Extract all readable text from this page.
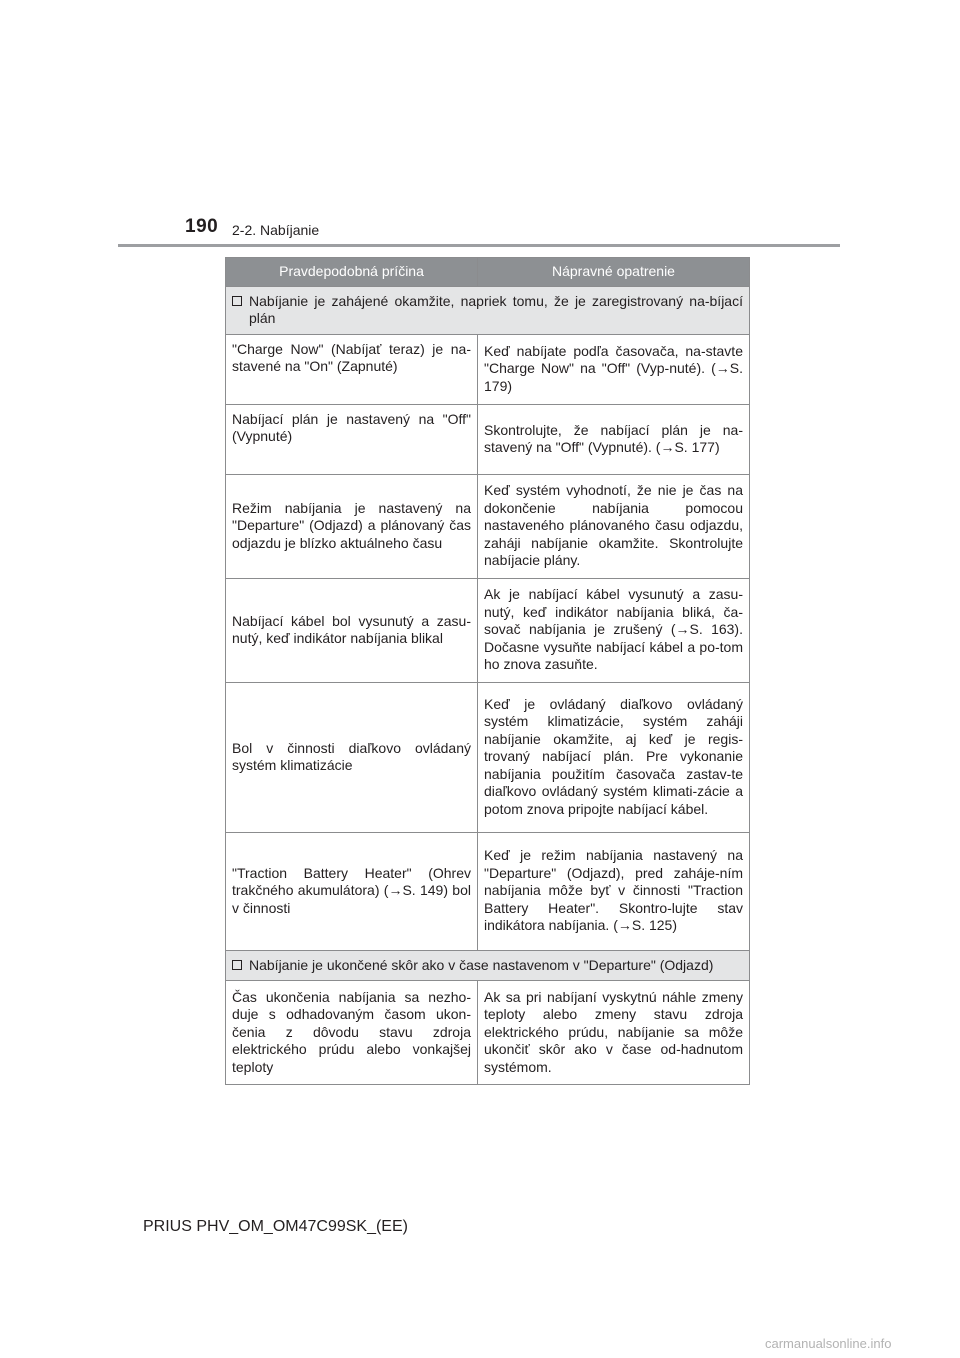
190 2-2. Nabíjanie
Pravdepodobná príčina	Nápravné opatrenie

Nabíjanie je zahájené okamžite, napriek tomu, že je zaregistrovaný na-bíjací plán	

"Charge Now" (Nabíjať teraz) je na-stavené na "On" (Zapnuté)	Keď nabíjate podľa časovača, na-stavte "Charge Now" na "Off" (Vyp-nuté). (→S. 179)
Nabíjací plán je nastavený na "Off" (Vypnuté)	Skontrolujte, že nabíjací plán je na-stavený na "Off" (Vypnuté). (→S. 177)
Režim nabíjania je nastavený na "Departure" (Odjazd) a plánovaný čas odjazdu je blízko aktuálneho času	Keď systém vyhodnotí, že nie je čas na dokončenie nabíjania pomocou nastaveného plánovaného času odjazdu, zaháji nabíjanie okamžite. Skontrolujte nabíjacie plány.
Nabíjací kábel bol vysunutý a zasu-nutý, keď indikátor nabíjania blikal	Ak je nabíjací kábel vysunutý a zasu-nutý, keď indikátor nabíjania bliká, ča-sovač nabíjania je zrušený (→S. 163). Dočasne vysuňte nabíjací kábel a po-tom ho znova zasuňte.
Bol v činnosti diaľkovo ovládaný systém klimatizácie	Keď je ovládaný diaľkovo ovládaný systém klimatizácie, systém zaháji nabíjanie okamžite, aj keď je regis-trovaný nabíjací plán. Pre vykonanie nabíjania použitím časovača zastav-te diaľkovo ovládaný systém klimati-zácie a potom znova pripojte nabíjací kábel.
"Traction Battery Heater" (Ohrev trakčného akumulátora) (→S. 149) bol v činnosti	Keď je režim nabíjania nastavený na "Departure" (Odjazd), pred zaháje-ním nabíjania môže byť v činnosti "Traction Battery Heater". Skontro-lujte stav indikátora nabíjania. (→S. 125)

Nabíjanie je ukončené skôr ako v čase nastavenom v "Departure" (Odjazd)	

Čas ukončenia nabíjania sa nezho-duje s odhadovaným časom ukon-čenia z dôvodu stavu zdroja elektrického prúdu alebo vonkajšej teploty	Ak sa pri nabíjaní vyskytnú náhle zmeny teploty alebo zmeny stavu zdroja elektrického prúdu, nabíjanie sa môže ukončiť skôr ako v čase od-hadnutom systémom.
PRIUS PHV_OM_OM47C99SK_(EE)
carmanualsonline.info
